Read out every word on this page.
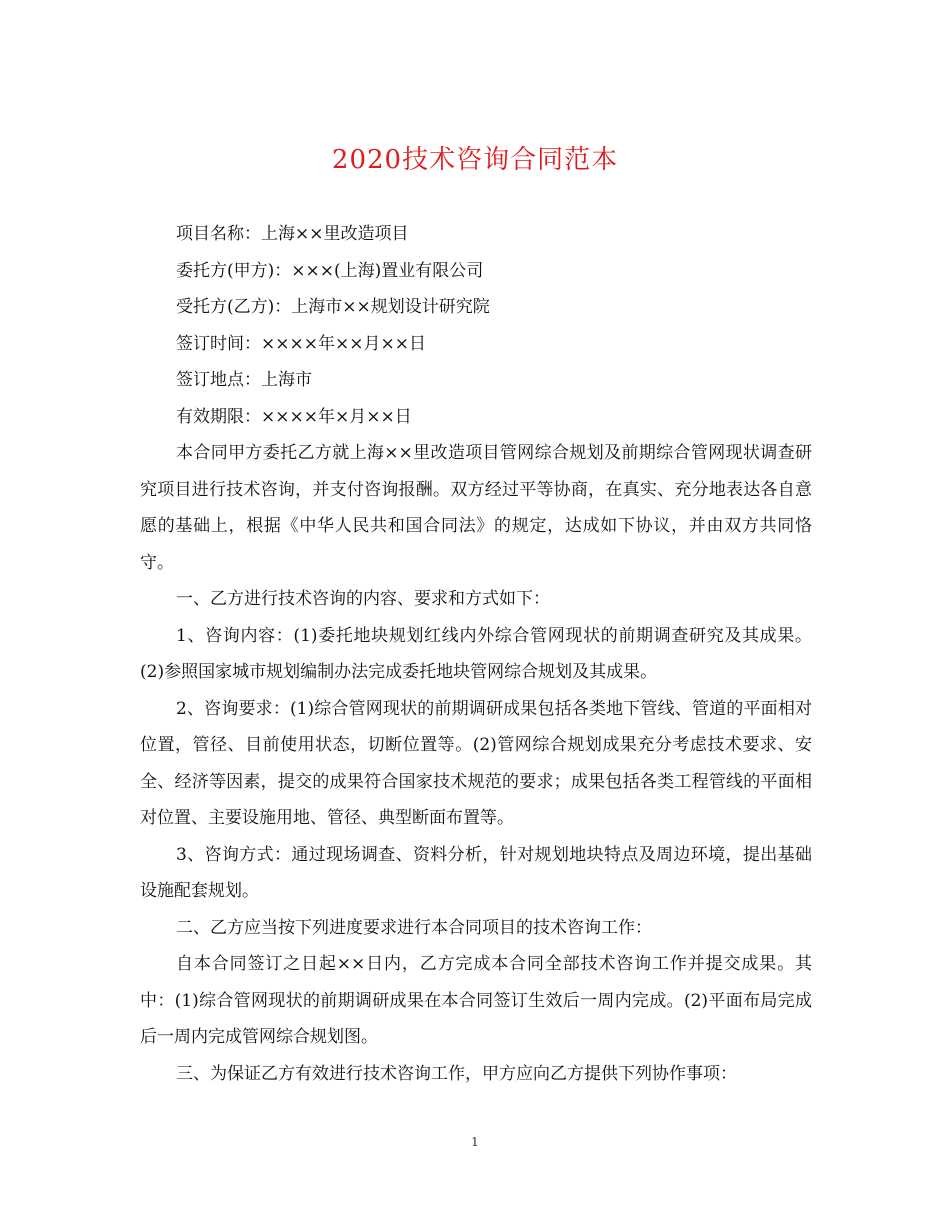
2020技术咨询合同范本

项目名称：上海××里改造项目

委托方(甲方)：×××(上海)置业有限公司

受托方(乙方)：上海市××规划设计研究院

签订时间：××××年××月××日

签订地点：上海市

有效期限：××××年×月××日

本合同甲方委托乙方就上海××里改造项目管网综合规划及前期综合管网现状调查研究项目进行技术咨询，并支付咨询报酬。双方经过平等协商，在真实、充分地表达各自意愿的基础上，根据《中华人民共和国合同法》的规定，达成如下协议，并由双方共同恪守。

一、乙方进行技术咨询的内容、要求和方式如下：

1、咨询内容：(1)委托地块规划红线内外综合管网现状的前期调查研究及其成果。(2)参照国家城市规划编制办法完成委托地块管网综合规划及其成果。

2、咨询要求：(1)综合管网现状的前期调研成果包括各类地下管线、管道的平面相对位置，管径、目前使用状态，切断位置等。(2)管网综合规划成果充分考虑技术要求、安全、经济等因素，提交的成果符合国家技术规范的要求；成果包括各类工程管线的平面相对位置、主要设施用地、管径、典型断面布置等。

3、咨询方式：通过现场调查、资料分析，针对规划地块特点及周边环境，提出基础设施配套规划。

二、乙方应当按下列进度要求进行本合同项目的技术咨询工作：

自本合同签订之日起××日内，乙方完成本合同全部技术咨询工作并提交成果。其中：(1)综合管网现状的前期调研成果在本合同签订生效后一周内完成。(2)平面布局完成后一周内完成管网综合规划图。

三、为保证乙方有效进行技术咨询工作，甲方应向乙方提供下列协作事项：

1
